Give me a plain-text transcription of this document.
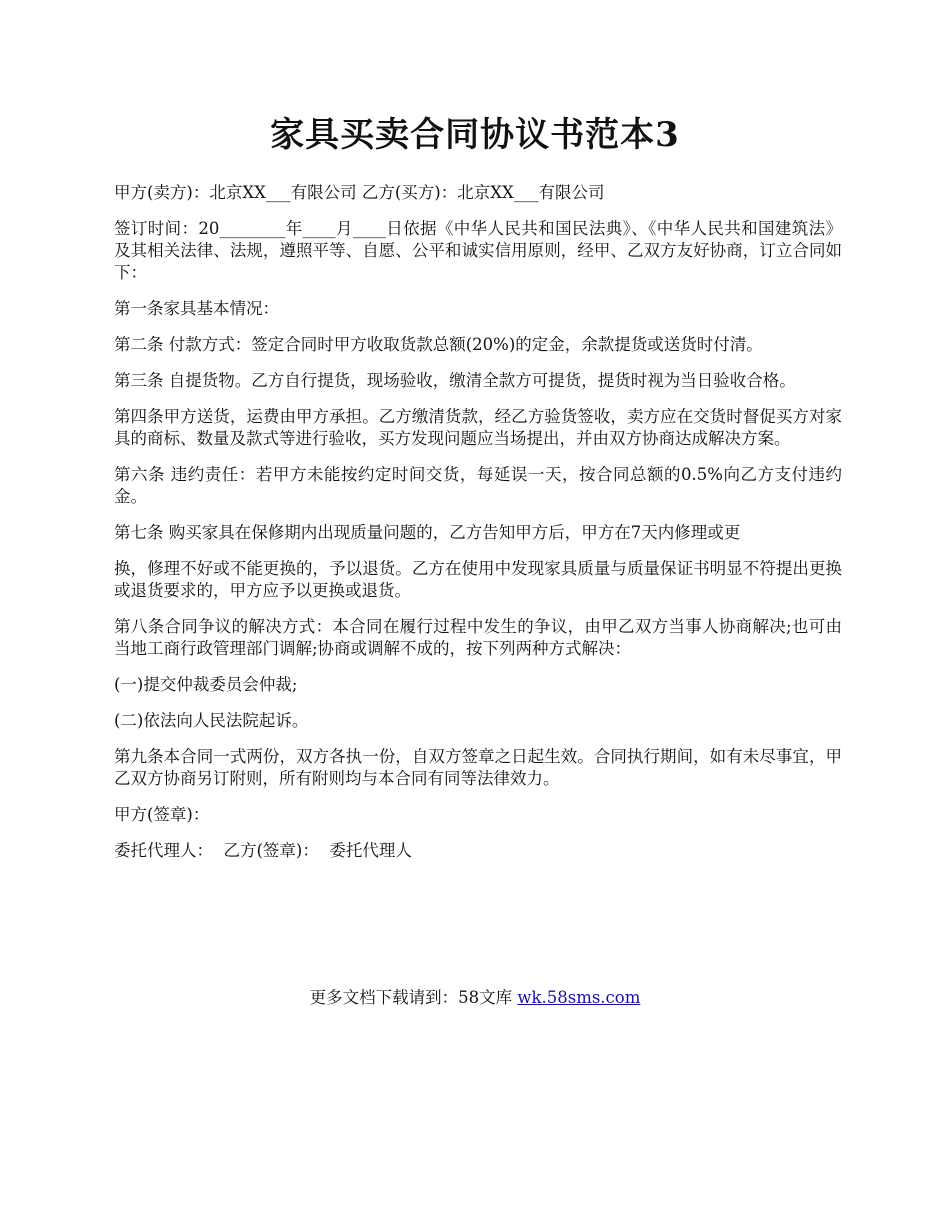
家具买卖合同协议书范本3

甲方(卖方)：北京XX___有限公司 乙方(买方)：北京XX___有限公司

签订时间：20________年____月____日依据《中华人民共和国民法典》、《中华人民共和国建筑法》及其相关法律、法规，遵照平等、自愿、公平和诚实信用原则，经甲、乙双方友好协商，订立合同如下：

第一条家具基本情况：

第二条 付款方式：签定合同时甲方收取货款总额(20%)的定金，余款提货或送货时付清。

第三条 自提货物。乙方自行提货，现场验收，缴清全款方可提货，提货时视为当日验收合格。

第四条甲方送货，运费由甲方承担。乙方缴清货款，经乙方验货签收，卖方应在交货时督促买方对家具的商标、数量及款式等进行验收，买方发现问题应当场提出，并由双方协商达成解决方案。

第六条 违约责任：若甲方未能按约定时间交货，每延误一天，按合同总额的0.5%向乙方支付违约金。

第七条 购买家具在保修期内出现质量问题的，乙方告知甲方后，甲方在7天内修理或更

换，修理不好或不能更换的，予以退货。乙方在使用中发现家具质量与质量保证书明显不符提出更换或退货要求的，甲方应予以更换或退货。

第八条合同争议的解决方式：本合同在履行过程中发生的争议，由甲乙双方当事人协商解决;也可由当地工商行政管理部门调解;协商或调解不成的，按下列两种方式解决：

(一)提交仲裁委员会仲裁;

(二)依法向人民法院起诉。

第九条本合同一式两份，双方各执一份，自双方签章之日起生效。合同执行期间，如有未尽事宜，甲乙双方协商另订附则，所有附则均与本合同有同等法律效力。

甲方(签章)：

委托代理人：  乙方(签章)：  委托代理人

更多文档下载请到：58文库 wk.58sms.com
